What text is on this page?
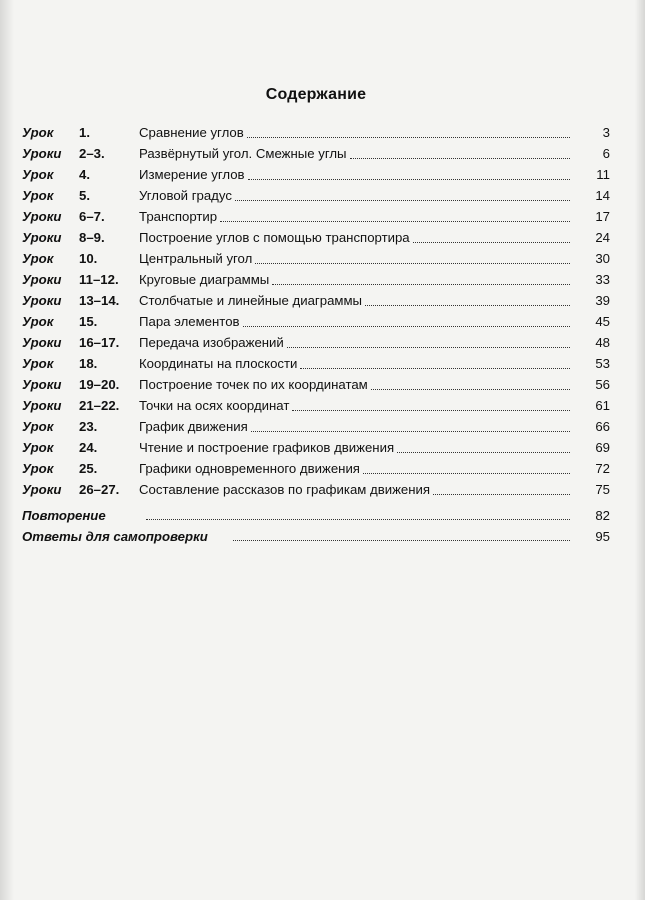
Содержание
Урок 1.	Сравнение углов	3
Уроки 2–3.	Развёрнутый угол. Смежные углы	6
Урок 4.	Измерение углов	11
Урок 5.	Угловой градус	14
Уроки 6–7.	Транспортир	17
Уроки 8–9.	Построение углов с помощью транспортира	24
Урок 10.	Центральный угол	30
Уроки 11–12. Круговые диаграммы	33
Уроки 13–14. Столбчатые и линейные диаграммы	39
Урок 15.	Пара элементов	45
Уроки 16–17. Передача изображений	48
Урок 18.	Координаты на плоскости	53
Уроки 19–20. Построение точек по их координатам	56
Уроки 21–22. Точки на осях координат	61
Урок 23.	График движения	66
Урок 24.	Чтение и построение графиков движения	69
Урок 25.	Графики одновременного движения	72
Уроки 26–27. Составление рассказов по графикам движения	75
Повторение	82
Ответы для самопроверки	95
